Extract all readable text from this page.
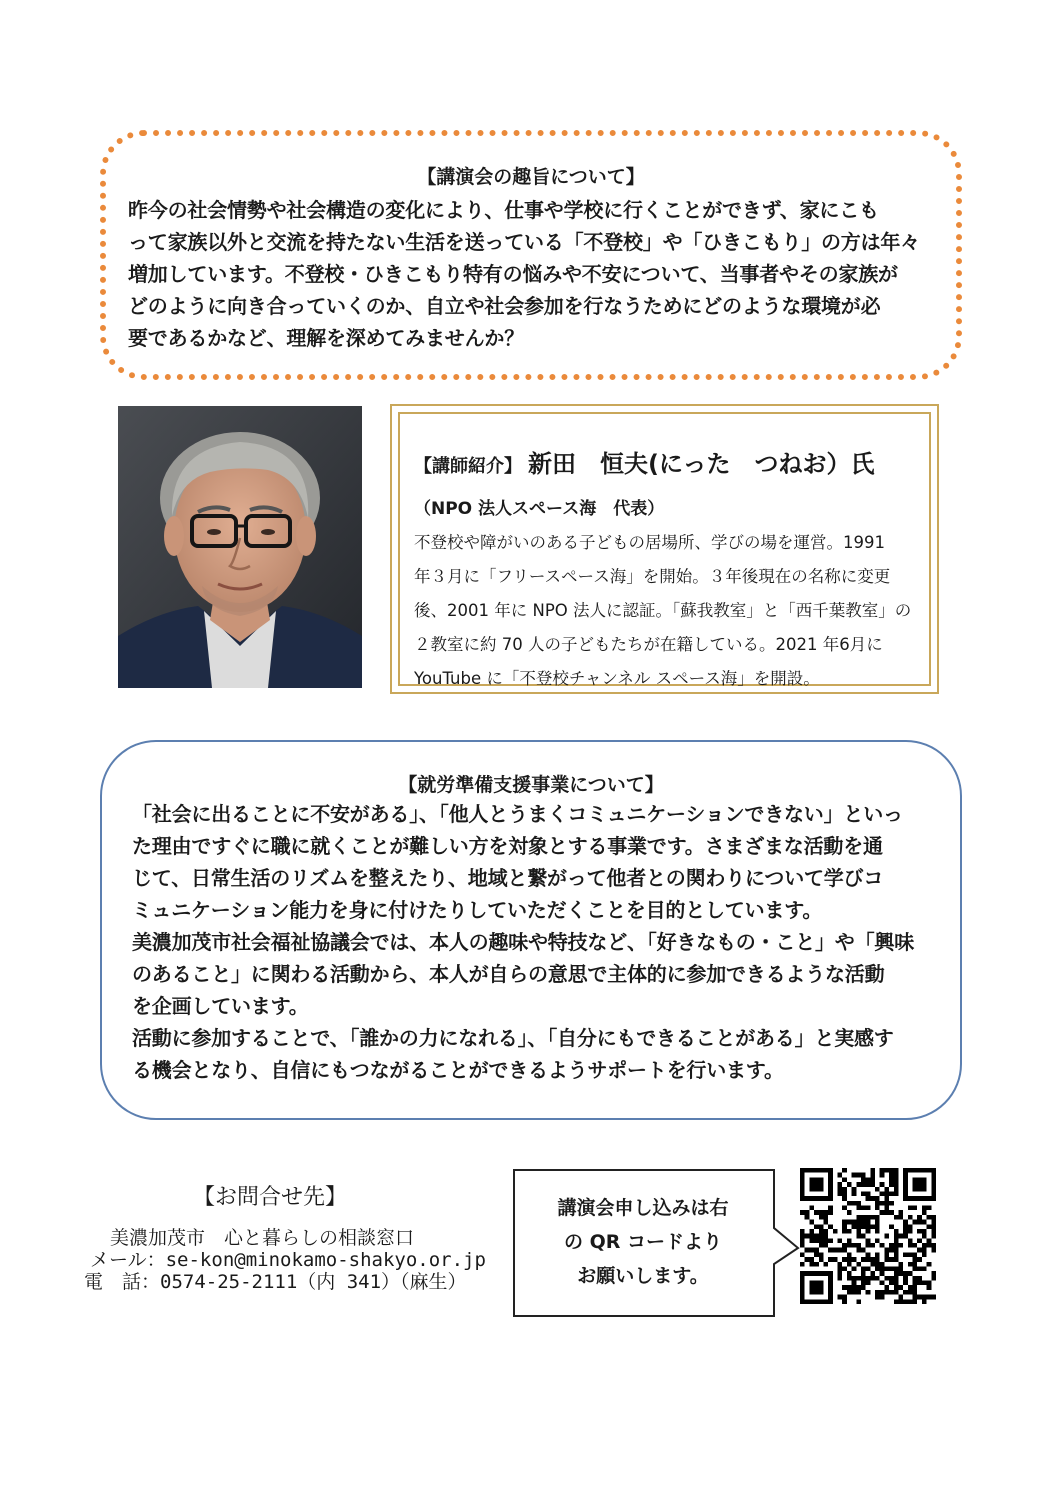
【講演会の趣旨について】

昨今の社会情勢や社会構造の変化により、仕事や学校に行くことができず、家にこも

って家族以外と交流を持たない生活を送っている「不登校」や「ひきこもり」の方は年々

増加しています。不登校・ひきこもり特有の悩みや不安について、当事者やその家族が

どのように向き合っていくのか、自立や社会参加を行なうためにどのような環境が必

要であるかなど、理解を深めてみませんか？

【講師紹介】 新田　恒夫(にった　つねお）氏
（NPO 法人スペース海　代表）

不登校や障がいのある子どもの居場所、学びの場を運営。1991

年３月に「フリースペース海」を開始。３年後現在の名称に変更

後、2001 年に NPO 法人に認証。「蘇我教室」と「西千葉教室」の

２教室に約 70 人の子どもたちが在籍している。2021 年6月に

YouTube に「不登校チャンネル スペース海」を開設。

【就労準備支援事業について】

「社会に出ることに不安がある」、「他人とうまくコミュニケーションできない」といっ

た理由ですぐに職に就くことが難しい方を対象とする事業です。さまざまな活動を通

じて、日常生活のリズムを整えたり、地域と繋がって他者との関わりについて学びコ

ミュニケーション能力を身に付けたりしていただくことを目的としています。

美濃加茂市社会福祉協議会では、本人の趣味や特技など、「好きなもの・こと」や「興味

のあること」に関わる活動から、本人が自らの意思で主体的に参加できるような活動

を企画しています。

活動に参加することで、「誰かの力になれる」、「自分にもできることがある」と実感す

る機会となり、自信にもつながることができるようサポートを行います。

【お問合せ先】
美濃加茂市　心と暮らしの相談窓口
メール：se-kon@minokamo-shakyo.or.jp
電　話：0574-25-2111（内 341）（麻生）
講演会申し込みは右
の QR コードより
お願いします。
